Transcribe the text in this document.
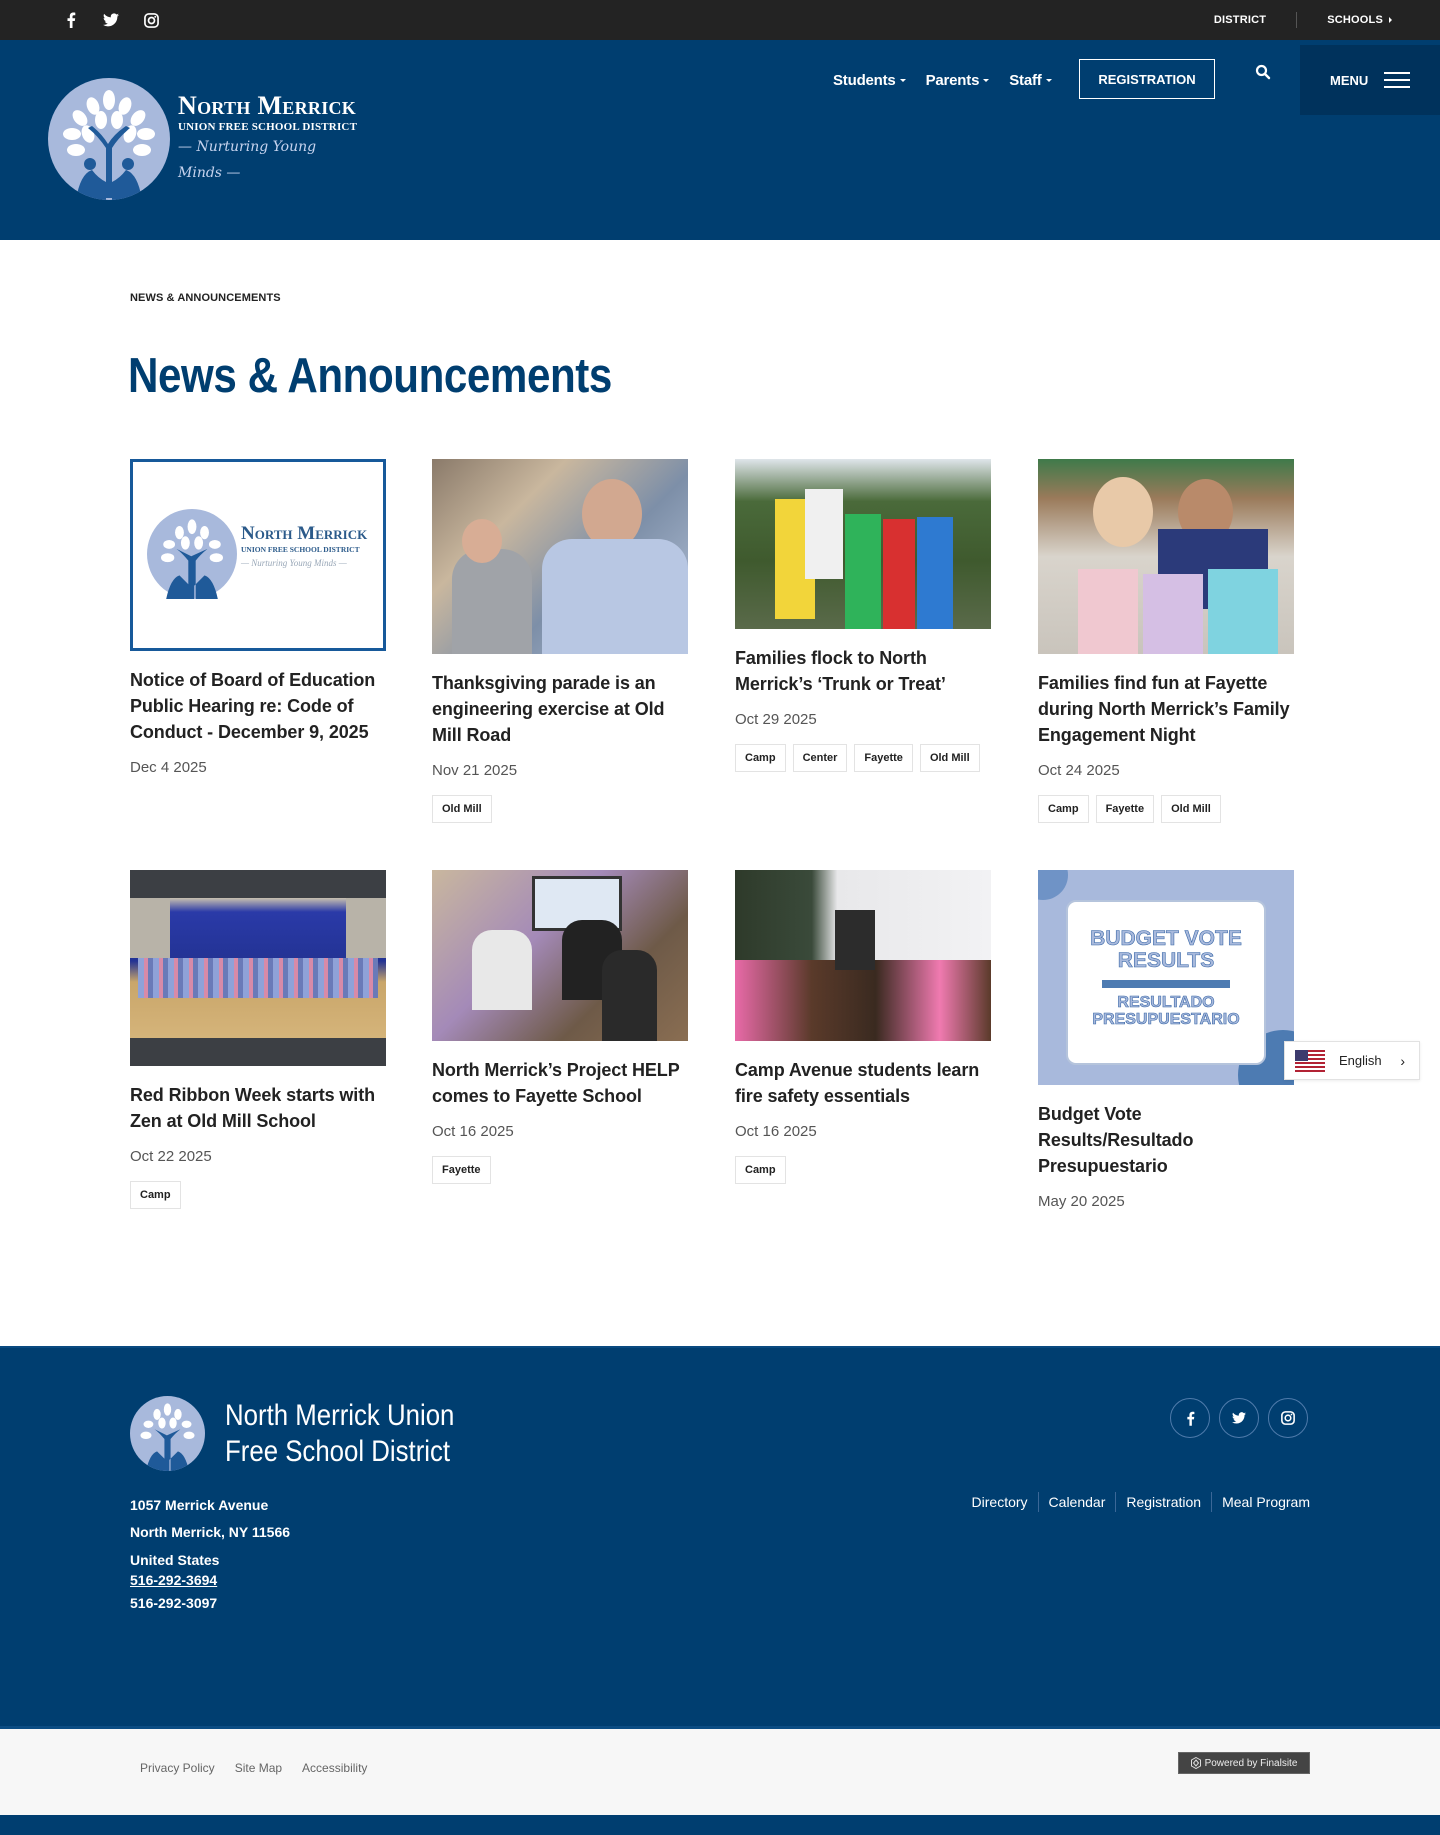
DISTRICT	SCHOOLS
North Merrick
UNION FREE SCHOOL DISTRICT
— Nurturing Young Minds —
Students Parents Staff	REGISTRATION	MENU
NEWS & ANNOUNCEMENTS
News & Announcements
North Merrick
UNION FREE SCHOOL DISTRICT
— Nurturing Young Minds —
Notice of Board of Education Public Hearing re: Code of Conduct - December 9, 2025
Dec 4 2025
Thanksgiving parade is an engineering exercise at Old Mill Road
Nov 21 2025
Old Mill
Families flock to North Merrick’s ‘Trunk or Treat’
Oct 29 2025
Camp	Center	Fayette	Old Mill
Families find fun at Fayette during North Merrick’s Family Engagement Night
Oct 24 2025
Camp	Fayette	Old Mill
Red Ribbon Week starts with Zen at Old Mill School
Oct 22 2025
Camp
North Merrick’s Project HELP comes to Fayette School
Oct 16 2025
Fayette
Camp Avenue students learn fire safety essentials
Oct 16 2025
Camp
BUDGET VOTE
RESULTS
RESULTADO
PRESUPUESTARIO
Budget Vote Results/Resultado Presupuestario
May 20 2025
English ›
North Merrick Union Free School District
1057 Merrick Avenue
North Merrick, NY 11566
United States
516-292-3694
516-292-3097
Directory Calendar Registration Meal Program
Privacy Policy Site Map Accessibility	Powered by Finalsite
